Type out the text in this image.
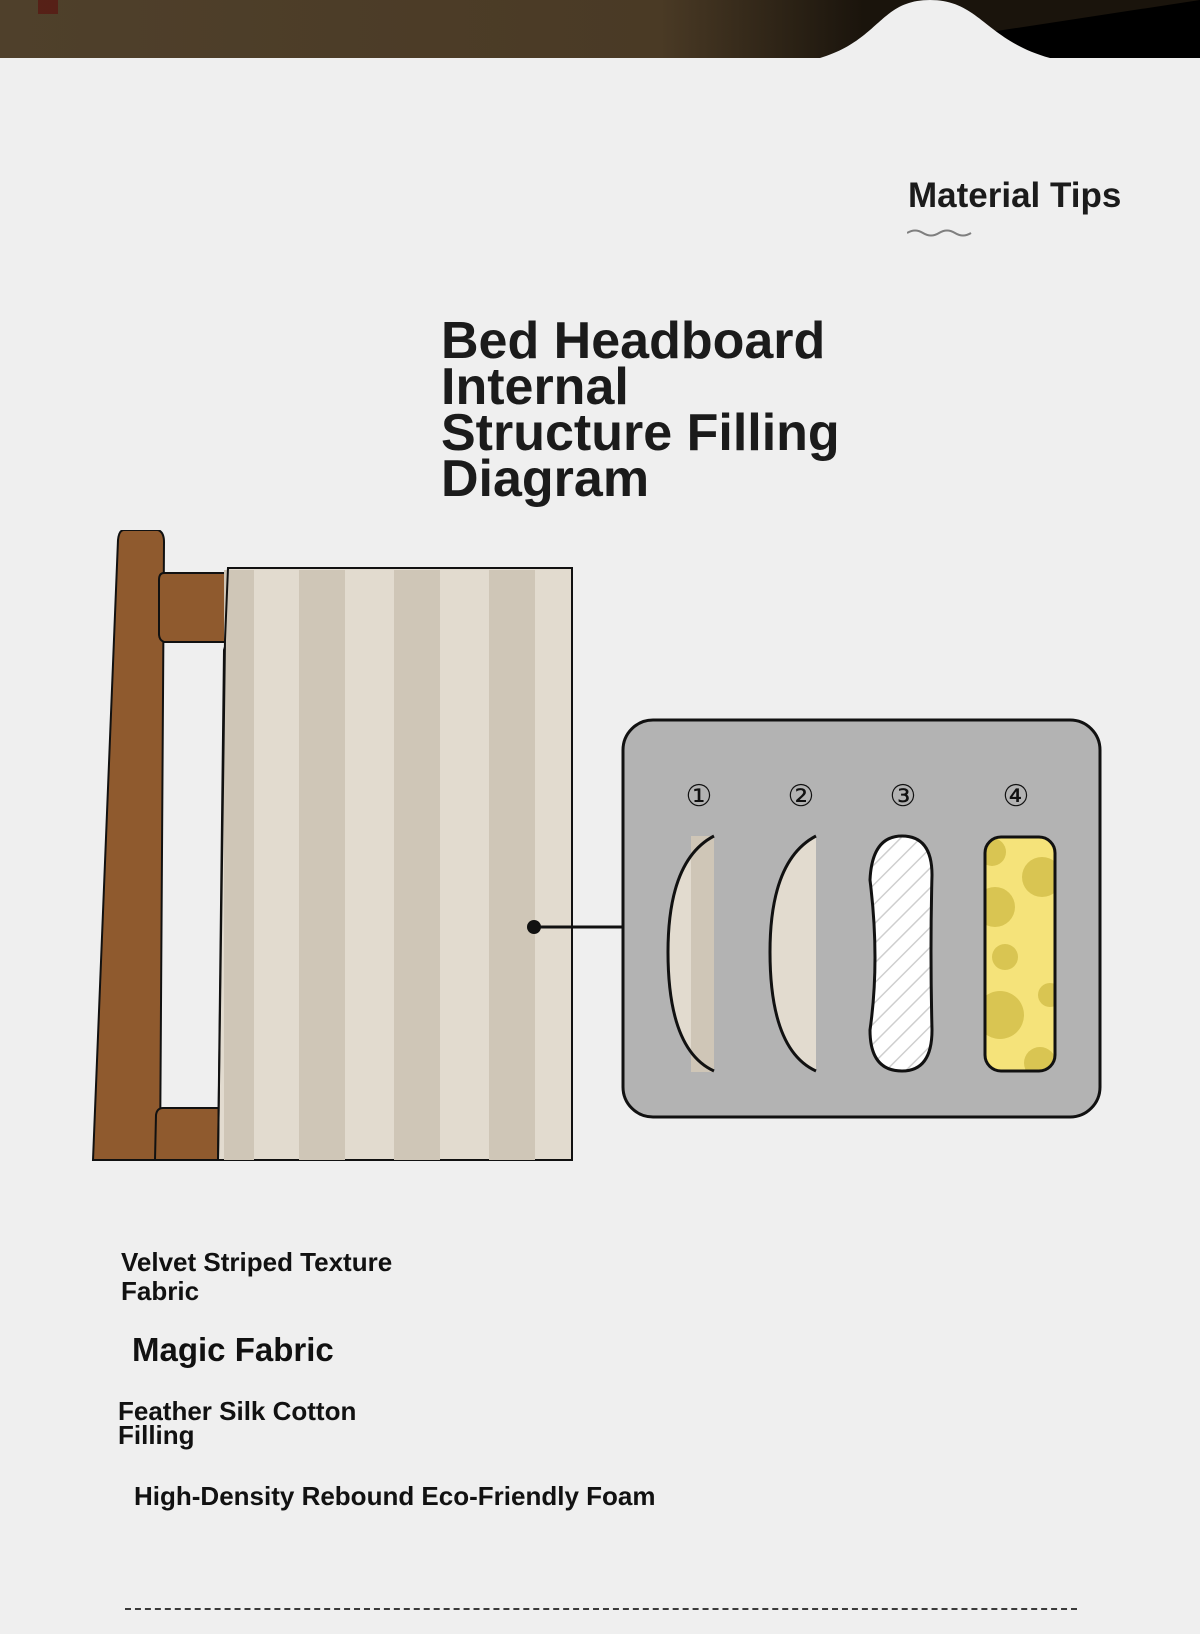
Material Tips
Bed Headboard Internal Structure Filling Diagram
①	②	③	④
Velvet Striped Texture Fabric
Magic Fabric
Feather Silk Cotton Filling
High-Density Rebound Eco-Friendly Foam
